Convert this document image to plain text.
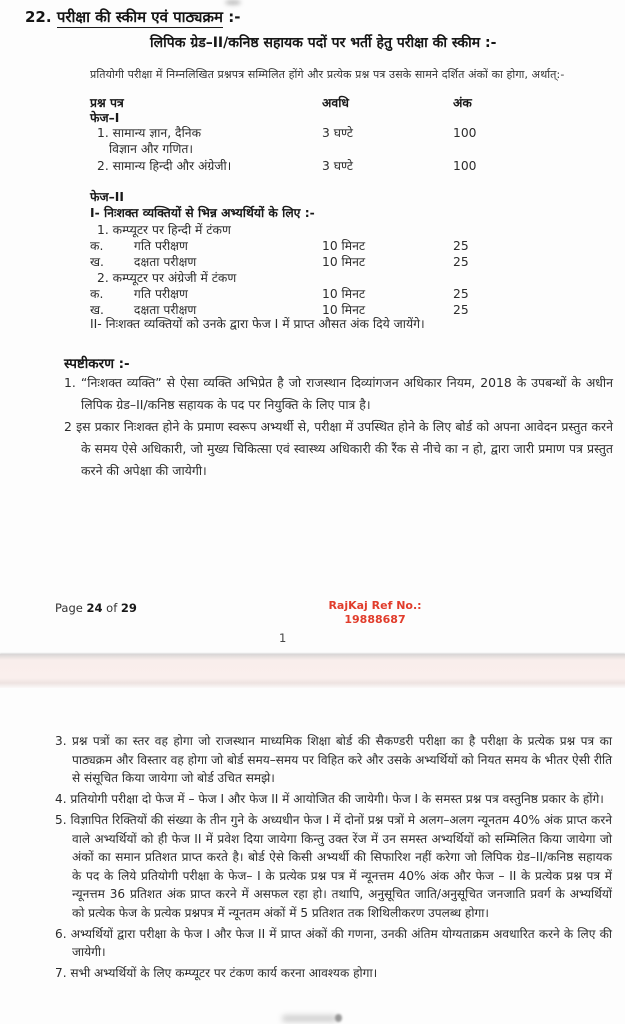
22. परीक्षा की स्कीम एवं पाठ्यक्रम :-
लिपिक ग्रेड–II/कनिष्ठ सहायक पदों पर भर्ती हेतु परीक्षा की स्कीम :-
प्रतियोगी परीक्षा में निम्नलिखित प्रश्नपत्र सम्मिलित होंगे और प्रत्येक प्रश्न पत्र उसके सामने दर्शित अंकों का होगा, अर्थात्:-
प्रश्न पत्र	अवधि	अंक
फेज–I
1. सामान्य ज्ञान, दैनिक	3 घण्टे	100
विज्ञान और गणित।
2. सामान्य हिन्दी और अंग्रेजी।	3 घण्टे	100
फेज–II
I- निःशक्त व्यक्तियों से भिन्न अभ्यर्थियों के लिए :-
1. कम्प्यूटर पर हिन्दी में टंकण
क. गति परीक्षण	10 मिनट	25
ख. दक्षता परीक्षण	10 मिनट	25
2. कम्प्यूटर पर अंग्रेजी में टंकण
क. गति परीक्षण	10 मिनट	25
ख. दक्षता परीक्षण	10 मिनट	25
II- निःशक्त व्यक्तियों को उनके द्वारा फेज I में प्राप्त औसत अंक दिये जायेंगे।
स्पष्टीकरण :-
1. “निःशक्त व्यक्ति” से ऐसा व्यक्ति अभिप्रेत है जो राजस्थान दिव्यांगजन अधिकार नियम, 2018 के उपबन्धों के अधीन लिपिक ग्रेड–II/कनिष्ठ सहायक के पद पर नियुक्ति के लिए पात्र है।
2 इस प्रकार निःशक्त होने के प्रमाण स्वरूप अभ्यर्थी से, परीक्षा में उपस्थित होने के लिए बोर्ड को अपना आवेदन प्रस्तुत करने के समय ऐसे अधिकारी, जो मुख्य चिकित्सा एवं स्वास्थ्य अधिकारी की रैंक से नीचे का न हो, द्वारा जारी प्रमाण पत्र प्रस्तुत करने की अपेक्षा की जायेगी।
Page 24 of 29	RajKaj Ref No.:
19888687
1
3. प्रश्न पत्रों का स्तर वह होगा जो राजस्थान माध्यमिक शिक्षा बोर्ड की सैकण्डरी परीक्षा का है परीक्षा के प्रत्येक प्रश्न पत्र का पाठ्यक्रम और विस्तार वह होगा जो बोर्ड समय–समय पर विहित करे और उसके अभ्यर्थियों को नियत समय के भीतर ऐसी रीति से संसूचित किया जायेगा जो बोर्ड उचित समझे।
4. प्रतियोगी परीक्षा दो फेज में – फेज I और फेज II में आयोजित की जायेगी। फेज I के समस्त प्रश्न पत्र वस्तुनिष्ठ प्रकार के होंगे।
5. विज्ञापित रिक्तियों की संख्या के तीन गुने के अध्यधीन फेज I में दोनों प्रश्न पत्रों मे अलग–अलग न्यूनतम 40% अंक प्राप्त करने वाले अभ्यर्थियों को ही फेज II में प्रवेश दिया जायेगा किन्तु उक्त रेंज में उन समस्त अभ्यर्थियों को सम्मिलित किया जायेगा जो अंकों का समान प्रतिशत प्राप्त करते है। बोर्ड ऐसे किसी अभ्यर्थी की सिफारिश नहीं करेगा जो लिपिक ग्रेड–II/कनिष्ठ सहायक के पद के लिये प्रतियोगी परीक्षा के फेज– I के प्रत्येक प्रश्न पत्र में न्यूनत्तम 40% अंक और फेज – II के प्रत्येक प्रश्न पत्र में न्यूनत्तम 36 प्रतिशत अंक प्राप्त करने में असफल रहा हो। तथापि, अनुसूचित जाति/अनुसूचित जनजाति प्रवर्ग के अभ्यर्थियों को प्रत्येक फेज के प्रत्येक प्रश्नपत्र में न्यूनतम अंकों में 5 प्रतिशत तक शिथिलीकरण उपलब्ध होगा।
6. अभ्यर्थियों द्वारा परीक्षा के फेज I और फेज II में प्राप्त अंकों की गणना, उनकी अंतिम योग्यताक्रम अवधारित करने के लिए की जायेगी।
7. सभी अभ्यर्थियों के लिए कम्प्यूटर पर टंकण कार्य करना आवश्यक होगा।
